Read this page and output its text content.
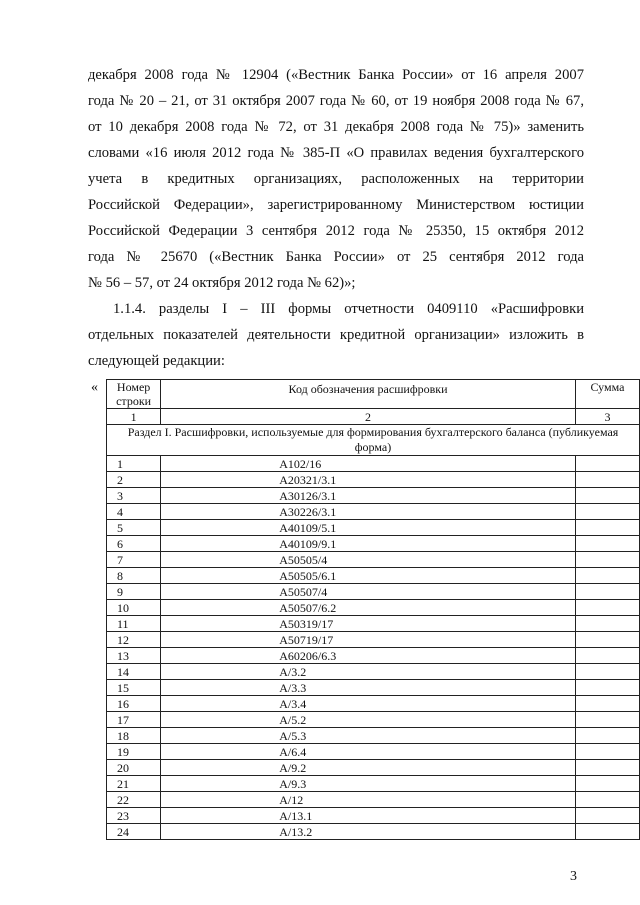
декабря 2008 года № 12904 («Вестник Банка России» от 16 апреля 2007
года № 20 – 21, от 31 октября 2007 года № 60, от 19 ноября 2008 года № 67,
от 10 декабря 2008 года № 72, от 31 декабря 2008 года № 75)» заменить
словами «16 июля 2012 года № 385-П «О правилах ведения бухгалтерского
учета в кредитных организациях, расположенных на территории
Российской Федерации», зарегистрированному Министерством юстиции
Российской Федерации 3 сентября 2012 года № 25350, 15 октября 2012
года № 25670 («Вестник Банка России» от 25 сентября 2012 года
№ 56 – 57, от 24 октября 2012 года № 62)»;
1.1.4. разделы I – III формы отчетности 0409110 «Расшифровки
отдельных показателей деятельности кредитной организации» изложить в
следующей редакции:
« Номер строки	Код обозначения расшифровки	Сумма
1	2	3
Раздел I. Расшифровки, используемые для формирования бухгалтерского баланса (публикуемая форма)		
1	А102/16	
2	А20321/3.1	
3	А30126/3.1	
4	А30226/3.1	
5	А40109/5.1	
6	А40109/9.1	
7	А50505/4	
8	А50505/6.1	
9	А50507/4	
10	А50507/6.2	
11	А50319/17	
12	А50719/17	
13	А60206/6.3	
14	А/3.2	
15	А/3.3	
16	А/3.4	
17	А/5.2	
18	А/5.3	
19	А/6.4	
20	А/9.2	
21	А/9.3	
22	А/12	
23	А/13.1	
24	А/13.2	
3
